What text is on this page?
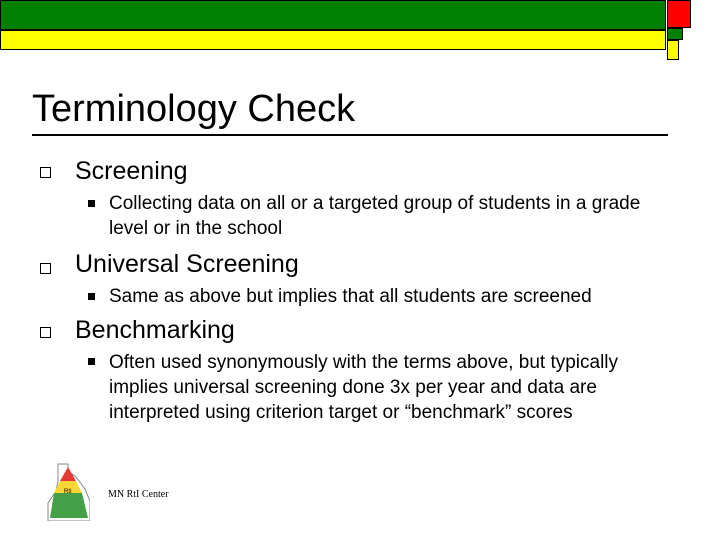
Terminology Check
Screening
Collecting data on all or a targeted group of students in a grade level or in the school
Universal Screening
Same as above but implies that all students are screened
Benchmarking
Often used synonymously with the terms above, but typically implies universal screening done 3x per year and data are interpreted using criterion target or “benchmark” scores
RtI	MN RtI Center
